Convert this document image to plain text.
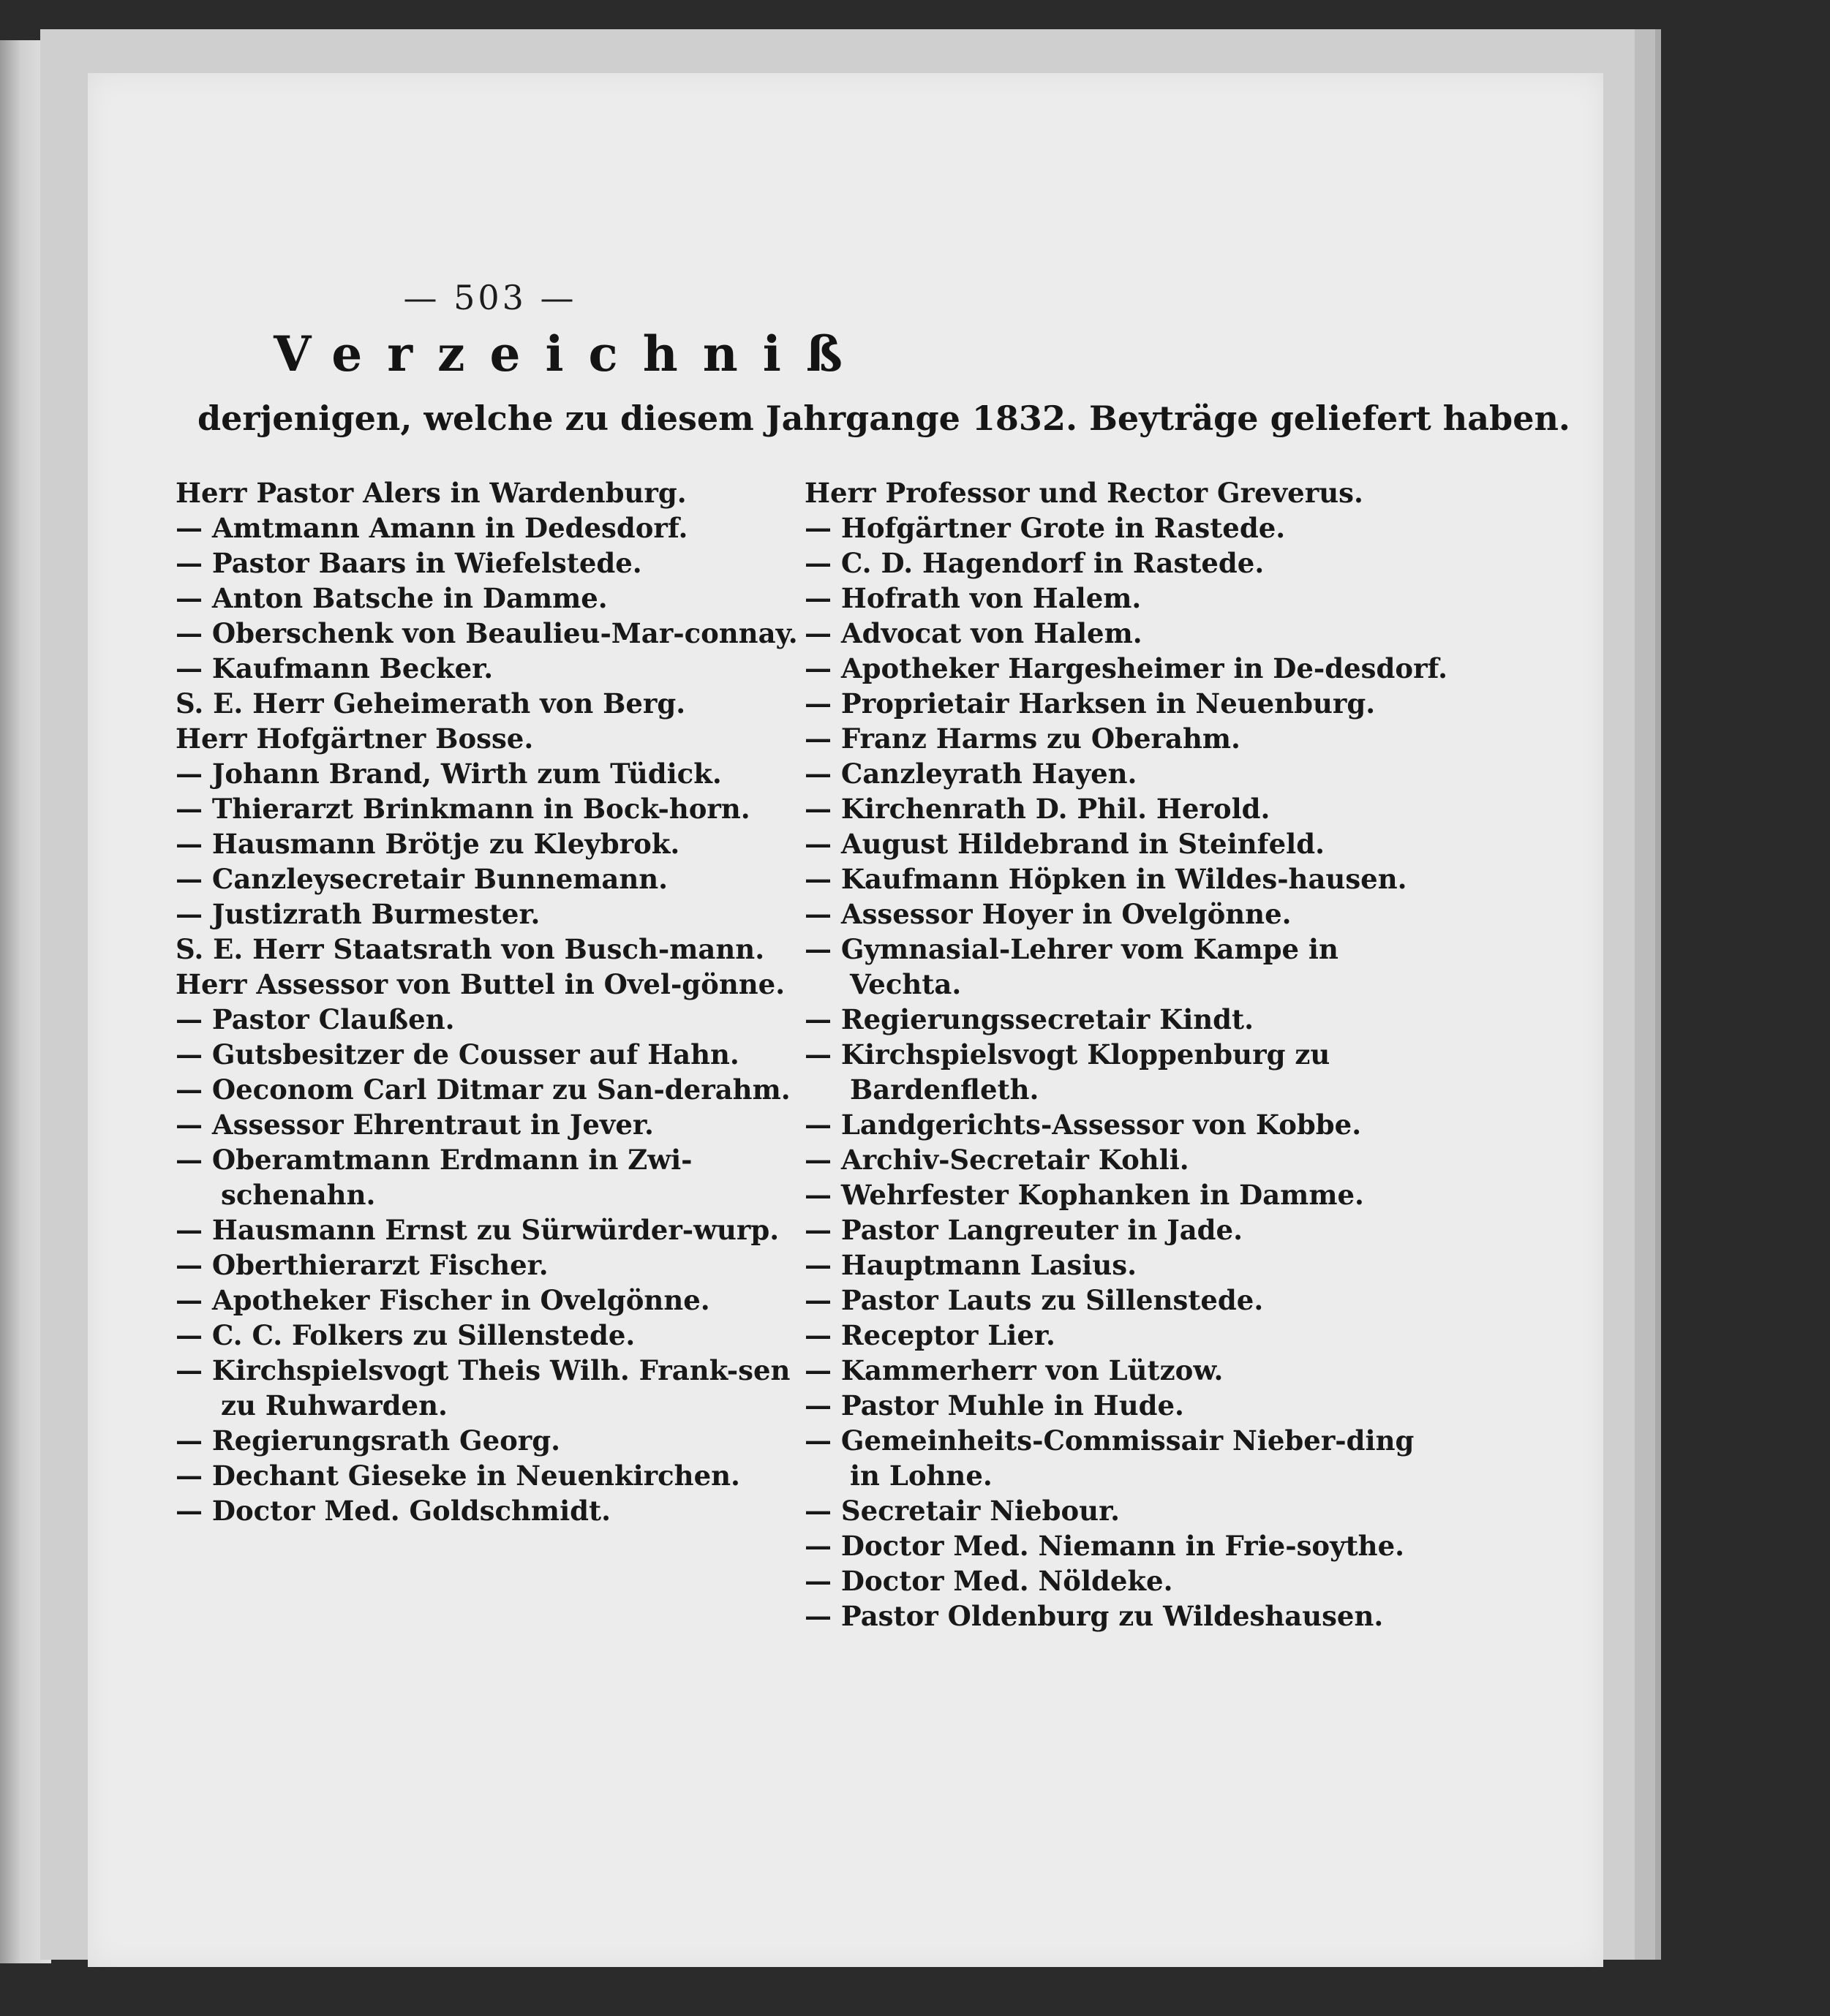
— 503 —
Verzeichniß
derjenigen, welche zu diesem Jahrgange 1832. Beyträge geliefert haben.
Herr Pastor Alers in Wardenburg.
— Amtmann Amann in Dedesdorf.
— Pastor Baars in Wiefelstede.
— Anton Batsche in Damme.
— Oberschenk von Beaulieu-Mar-connay.
— Kaufmann Becker.
S. E. Herr Geheimerath von Berg.
Herr Hofgärtner Bosse.
— Johann Brand, Wirth zum Tüdick.
— Thierarzt Brinkmann in Bock-horn.
— Hausmann Brötje zu Kleybrok.
— Canzleysecretair Bunnemann.
— Justizrath Burmester.
S. E. Herr Staatsrath von Busch-mann.
Herr Assessor von Buttel in Ovel-gönne.
— Pastor Claußen.
— Gutsbesitzer de Cousser auf Hahn.
— Oeconom Carl Ditmar zu San-derahm.
— Assessor Ehrentraut in Jever.
— Oberamtmann Erdmann in Zwi-schenahn.
— Hausmann Ernst zu Sürwürder-wurp.
— Oberthierarzt Fischer.
— Apotheker Fischer in Ovelgönne.
— C. C. Folkers zu Sillenstede.
— Kirchspielsvogt Theis Wilh. Frank-sen zu Ruhwarden.
— Regierungsrath Georg.
— Dechant Gieseke in Neuenkirchen.
— Doctor Med. Goldschmidt.
Herr Professor und Rector Greverus.
— Hofgärtner Grote in Rastede.
— C. D. Hagendorf in Rastede.
— Hofrath von Halem.
— Advocat von Halem.
— Apotheker Hargesheimer in De-desdorf.
— Proprietair Harksen in Neuenburg.
— Franz Harms zu Oberahm.
— Canzleyrath Hayen.
— Kirchenrath D. Phil. Herold.
— August Hildebrand in Steinfeld.
— Kaufmann Höpken in Wildes-hausen.
— Assessor Hoyer in Ovelgönne.
— Gymnasial-Lehrer vom Kampe in Vechta.
— Regierungssecretair Kindt.
— Kirchspielsvogt Kloppenburg zu Bardenfleth.
— Landgerichts-Assessor von Kobbe.
— Archiv-Secretair Kohli.
— Wehrfester Kophanken in Damme.
— Pastor Langreuter in Jade.
— Hauptmann Lasius.
— Pastor Lauts zu Sillenstede.
— Receptor Lier.
— Kammerherr von Lützow.
— Pastor Muhle in Hude.
— Gemeinheits-Commissair Nieber-ding in Lohne.
— Secretair Niebour.
— Doctor Med. Niemann in Frie-soythe.
— Doctor Med. Nöldeke.
— Pastor Oldenburg zu Wildeshausen.
